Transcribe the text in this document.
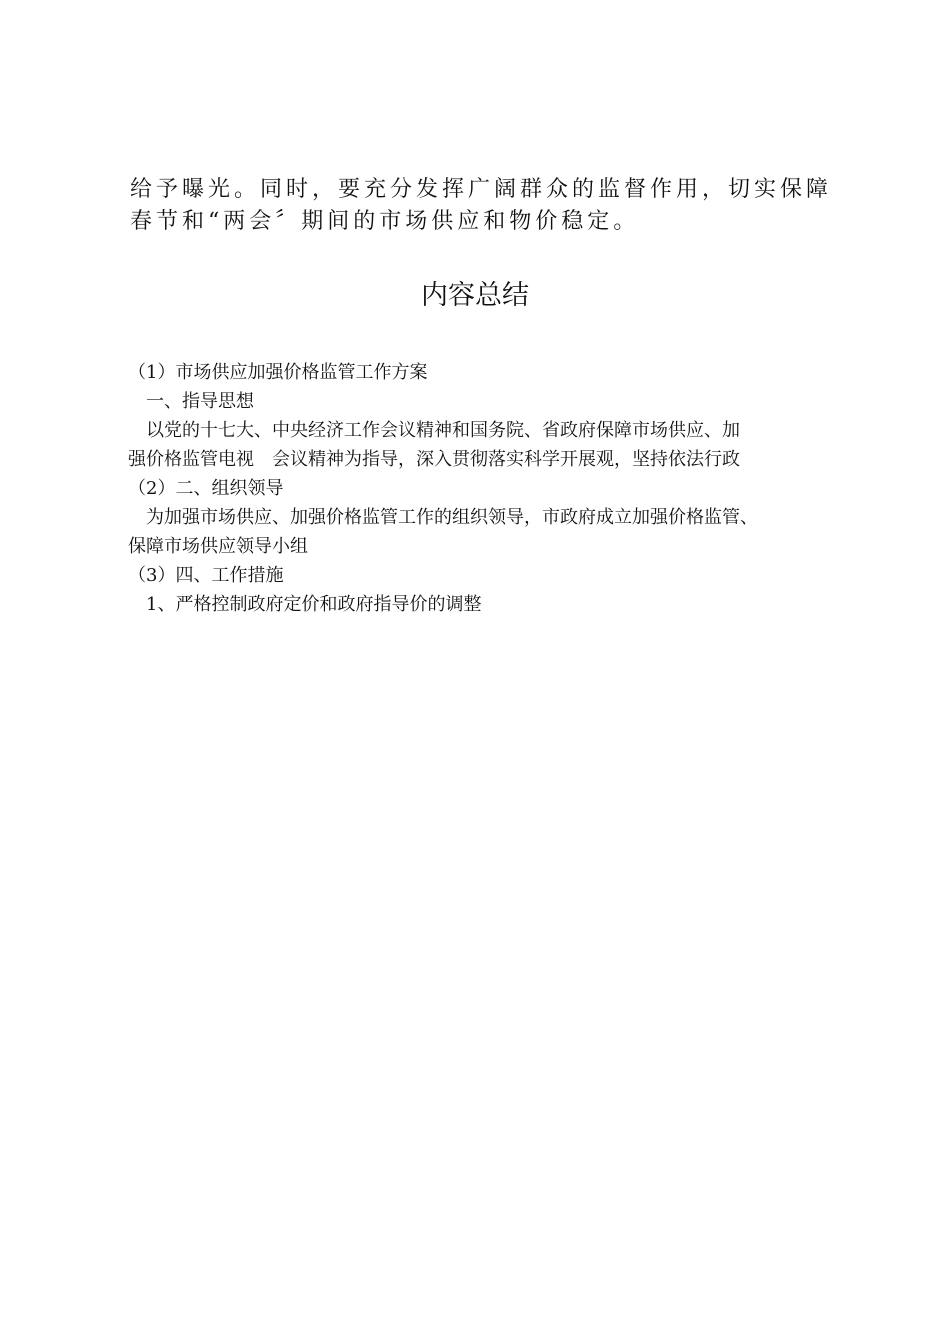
给予曝光。同时，要充分发挥广阔群众的监督作用，切实保障

春节和“两会〞期间的市场供应和物价稳定。

内容总结

（1）市场供应加强价格监管工作方案

一、指导思想

以党的十七大、中央经济工作会议精神和国务院、省政府保障市场供应、加

强价格监管电视　会议精神为指导，深入贯彻落实科学开展观，坚持依法行政

（2）二、组织领导

为加强市场供应、加强价格监管工作的组织领导，市政府成立加强价格监管、

保障市场供应领导小组

（3）四、工作措施

1、严格控制政府定价和政府指导价的调整
